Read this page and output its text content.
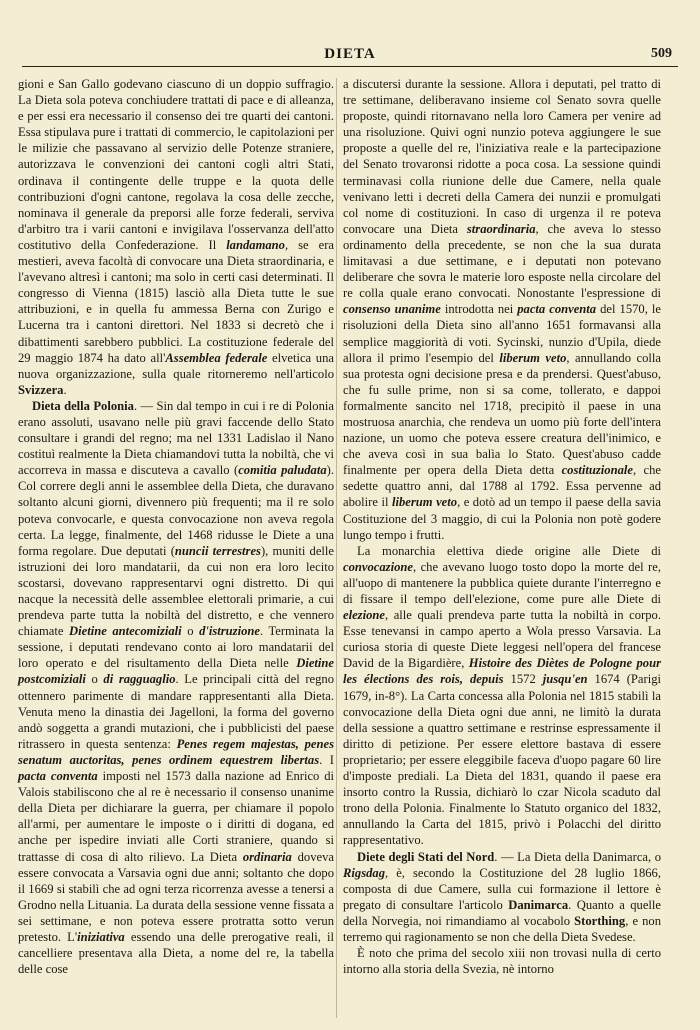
DIETA	509

gioni e San Gallo godevano ciascuno di un doppio suffragio. La Dieta sola poteva conchiudere trattati di pace e di alleanza, e per essi era necessario il consenso dei tre quarti dei cantoni. Essa stipulava pure i trattati di commercio, le capitolazioni per le milizie che passavano al servizio delle Potenze straniere, autorizzava le convenzioni dei cantoni cogli altri Stati, ordinava il contingente delle truppe e la quota delle contribuzioni d'ogni cantone, regolava la cosa delle zecche, nominava il generale da preporsi alle forze federali, serviva d'arbitro tra i varii cantoni e invigilava l'osservanza dell'atto costitutivo della Confederazione. Il landamano, se era mestieri, aveva facoltà di convocare una Dieta straordinaria, e l'avevano altresì i cantoni; ma solo in certi casi determinati. Il congresso di Vienna (1815) lasciò alla Dieta tutte le sue attribuzioni, e in quella fu ammessa Berna con Zurigo e Lucerna tra i cantoni direttori. Nel 1833 si decretò che i dibattimenti sarebbero pubblici. La costituzione federale del 29 maggio 1874 ha dato all'Assemblea federale elvetica una nuova organizzazione, sulla quale ritorneremo nell'articolo Svizzera.

Dieta della Polonia. — Sin dal tempo in cui i re di Polonia erano assoluti, usavano nelle più gravi faccende dello Stato consultare i grandi del regno; ma nel 1331 Ladislao il Nano costituì realmente la Dieta chiamandovi tutta la nobiltà, che vi accorreva in massa e discuteva a cavallo (comitia paludata). Col correre degli anni le assemblee della Dieta, che duravano soltanto alcuni giorni, divennero più frequenti; ma il re solo poteva convocarle, e questa convocazione non aveva regola certa. La legge, finalmente, del 1468 ridusse le Diete a una forma regolare. Due deputati (nuncii terrestres), muniti delle istruzioni dei loro mandatarii, da cui non era loro lecito scostarsi, dovevano rappresentarvi ogni distretto. Di qui nacque la necessità delle assemblee elettorali primarie, a cui prendeva parte tutta la nobiltà del distretto, e che vennero chiamate Dietine antecomiziali o d'istruzione. Terminata la sessione, i deputati rendevano conto ai loro mandatarii del loro operato e del risultamento della Dieta nelle Dietine postcomiziali o di ragguaglio. Le principali città del regno ottennero parimente di mandare rappresentanti alla Dieta. Venuta meno la dinastia dei Jagelloni, la forma del governo andò soggetta a grandi mutazioni, che i pubblicisti del paese ritrassero in questa sentenza: Penes regem majestas, penes senatum auctoritas, penes ordinem equestrem libertas. I pacta conventa imposti nel 1573 dalla nazione ad Enrico di Valois stabiliscono che al re è necessario il consenso unanime della Dieta per dichiarare la guerra, per chiamare il popolo all'armi, per aumentare le imposte o i diritti di dogana, ed anche per ispedire inviati alle Corti straniere, quando si trattasse di cosa di alto rilievo. La Dieta ordinaria doveva essere convocata a Varsavia ogni due anni; soltanto che dopo il 1669 si stabilì che ad ogni terza ricorrenza avesse a tenersi a Grodno nella Lituania. La durata della sessione venne fissata a sei settimane, e non poteva essere protratta sotto verun pretesto. L'iniziativa essendo una delle prerogative reali, il cancelliere presentava alla Dieta, a nome del re, la tabella delle cose

a discutersi durante la sessione. Allora i deputati, pel tratto di tre settimane, deliberavano insieme col Senato sovra quelle proposte, quindi ritornavano nella loro Camera per venire ad una risoluzione. Quivi ogni nunzio poteva aggiungere le sue proposte a quelle del re, l'iniziativa reale e la partecipazione del Senato trovaronsi ridotte a poca cosa. La sessione quindi terminavasi colla riunione delle due Camere, nella quale venivano letti i decreti della Camera dei nunzii e promulgati col nome di costituzioni. In caso di urgenza il re poteva convocare una Dieta straordinaria, che aveva lo stesso ordinamento della precedente, se non che la sua durata limitavasi a due settimane, e i deputati non potevano deliberare che sovra le materie loro esposte nella circolare del re colla quale erano convocati. Nonostante l'espressione di consenso unanime introdotta nei pacta conventa del 1570, le risoluzioni della Dieta sino all'anno 1651 formavansi alla semplice maggiorità di voti. Sycinski, nunzio d'Upila, diede allora il primo l'esempio del liberum veto, annullando colla sua protesta ogni decisione presa e da prendersi. Quest'abuso, che fu sulle prime, non si sa come, tollerato, e dappoi formalmente sancito nel 1718, precipitò il paese in una mostruosa anarchia, che rendeva un uomo più forte dell'intera nazione, un uomo che poteva essere creatura dell'inimico, e che aveva così in sua balìa lo Stato. Quest'abuso cadde finalmente per opera della Dieta detta costituzionale, che sedette quattro anni, dal 1788 al 1792. Essa pervenne ad abolire il liberum veto, e dotò ad un tempo il paese della savia Costituzione del 3 maggio, di cui la Polonia non potè godere lungo tempo i frutti.

La monarchia elettiva diede origine alle Diete di convocazione, che avevano luogo tosto dopo la morte del re, all'uopo di mantenere la pubblica quiete durante l'interregno e di fissare il tempo dell'elezione, come pure alle Diete di elezione, alle quali prendeva parte tutta la nobiltà in corpo. Esse tenevansi in campo aperto a Wola presso Varsavia. La curiosa storia di queste Diete leggesi nell'opera del francese David de la Bigardière, Histoire des Diètes de Pologne pour les élections des rois, depuis 1572 jusqu'en 1674 (Parigi 1679, in-8°). La Carta concessa alla Polonia nel 1815 stabilì la convocazione della Dieta ogni due anni, ne limitò la durata della sessione a quattro settimane e restrinse espressamente il diritto di petizione. Per essere elettore bastava di essere proprietario; per essere eleggibile faceva d'uopo pagare 60 lire d'imposte prediali. La Dieta del 1831, quando il paese era insorto contro la Russia, dichiarò lo czar Nicola scaduto dal trono della Polonia. Finalmente lo Statuto organico del 1832, annullando la Carta del 1815, privò i Polacchi del diritto rappresentativo.

Diete degli Stati del Nord. — La Dieta della Danimarca, o Rigsdag, è, secondo la Costituzione del 28 luglio 1866, composta di due Camere, sulla cui formazione il lettore è pregato di consultare l'articolo Danimarca. Quanto a quelle della Norvegia, noi rimandiamo al vocabolo Storthing, e non terremo qui ragionamento se non che della Dieta Svedese.

È noto che prima del secolo xiii non trovasi nulla di certo intorno alla storia della Svezia, nè intorno
